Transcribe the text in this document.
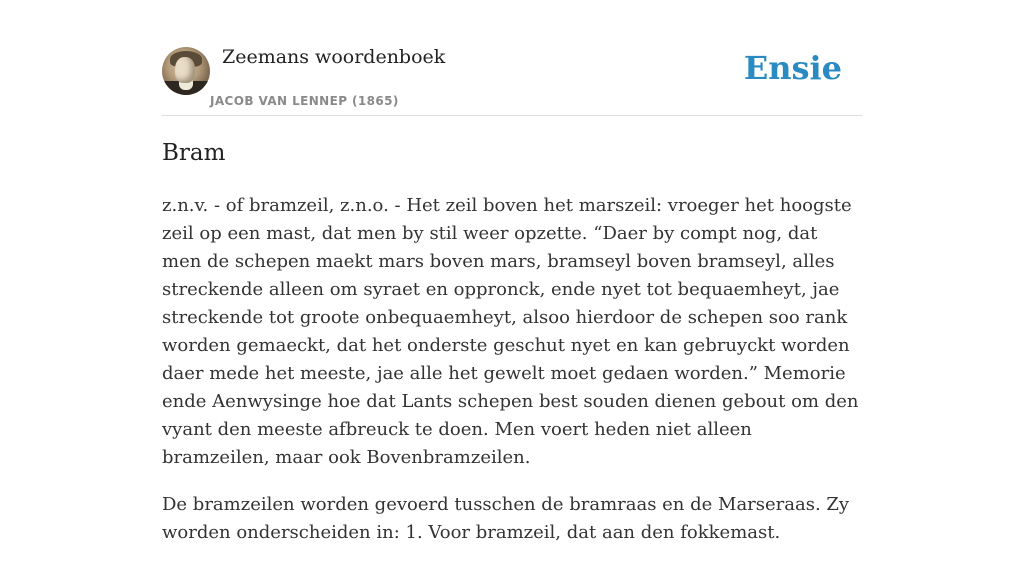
Zeemans woordenboek
JACOB VAN LENNEP (1865)
Ensie
Bram

z.n.v. - of bramzeil, z.n.o. - Het zeil boven het marszeil: vroeger het hoogste zeil op een mast, dat men by stil weer opzette. “Daer by compt nog, dat men de schepen maekt mars boven mars, bramseyl boven bramseyl, alles streckende alleen om syraet en oppronck, ende nyet tot bequaemheyt, jae streckende tot groote onbequaemheyt, alsoo hierdoor de schepen soo rank worden gemaeckt, dat het onderste geschut nyet en kan gebruyckt worden daer mede het meeste, jae alle het gewelt moet gedaen worden.” Memorie ende Aenwysinge hoe dat Lants schepen best souden dienen gebout om den vyant den meeste afbreuck te doen. Men voert heden niet alleen bramzeilen, maar ook Bovenbramzeilen.

De bramzeilen worden gevoerd tusschen de bramraas en de Marseraas. Zy worden onderscheiden in: 1. Voor bramzeil, dat aan den fokkemast.
